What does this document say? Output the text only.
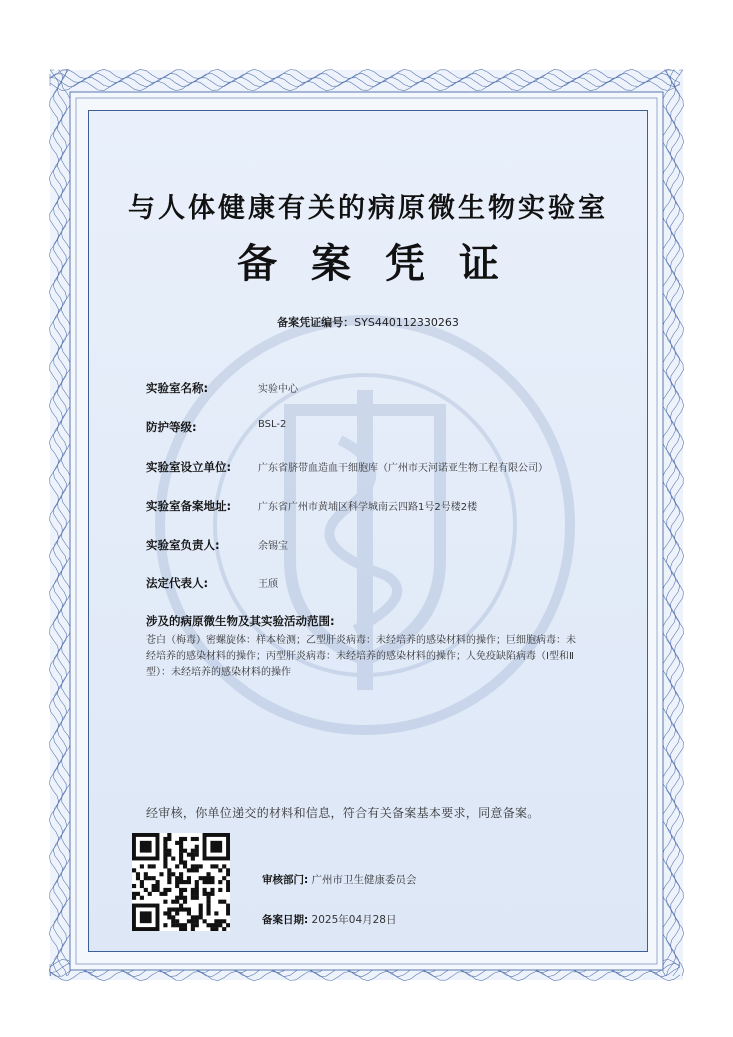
与人体健康有关的病原微生物实验室
备案凭证
备案凭证编号：SYS440112330263
实验室名称:	实验中心
防护等级:	BSL-2
实验室设立单位:	广东省脐带血造血干细胞库（广州市天河诺亚生物工程有限公司）
实验室备案地址:	广东省广州市黄埔区科学城南云四路1号2号楼2楼
实验室负责人:	余锡宝
法定代表人:	王颀
涉及的病原微生物及其实验活动范围:
苍白（梅毒）密螺旋体：样本检测；乙型肝炎病毒：未经培养的感染材料的操作；巨细胞病毒：未经培养的感染材料的操作；丙型肝炎病毒：未经培养的感染材料的操作；人免疫缺陷病毒（Ⅰ型和Ⅱ型）：未经培养的感染材料的操作
经审核，你单位递交的材料和信息，符合有关备案基本要求，同意备案。
审核部门: 广州市卫生健康委员会
备案日期: 2025年04月28日
